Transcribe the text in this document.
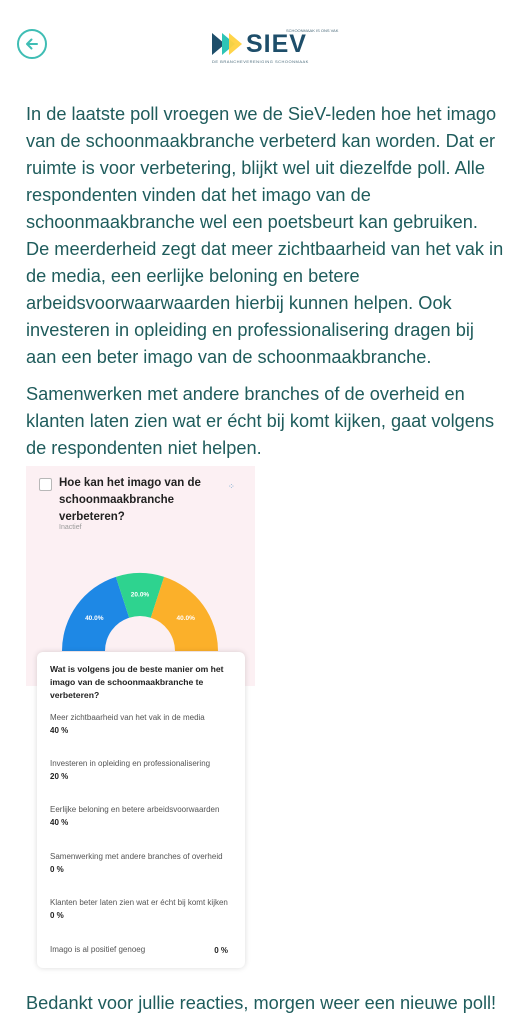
SIEV
SCHOONMAAK IS ONS VAK
DE BRANCHEVERENIGING SCHOONMAAK

In de laatste poll vroegen we de SieV-leden hoe het imago van de schoonmaakbranche verbeterd kan worden. Dat er ruimte is voor verbetering, blijkt wel uit diezelfde poll. Alle respondenten vinden dat het imago van de schoonmaakbranche wel een poetsbeurt kan gebruiken. De meerderheid zegt dat meer zichtbaarheid van het vak in de media, een eerlijke beloning en betere arbeidsvoorwaarwaarden hierbij kunnen helpen. Ook investeren in opleiding en professionalisering dragen bij aan een beter imago van de schoonmaakbranche.

Samenwerken met andere branches of de overheid en klanten laten zien wat er écht bij komt kijken, gaat volgens de respondenten niet helpen.

Hoe kan het imago van de schoonmaakbranche verbeteren?
Inactief
⁘
40.0%
20.0%
40.0%
Wat is volgens jou de beste manier om het imago van de schoonmaakbranche te verbeteren?
Meer zichtbaarheid van het vak in de media
40 %
Investeren in opleiding en professionalisering
20 %
Eerlijke beloning en betere arbeidsvoorwaarden
40 %
Samenwerking met andere branches of overheid
0 %
Klanten beter laten zien wat er écht bij komt kijken
0 %
Imago is al positief genoeg	0 %
Bedankt voor jullie reacties, morgen weer een nieuwe poll!
